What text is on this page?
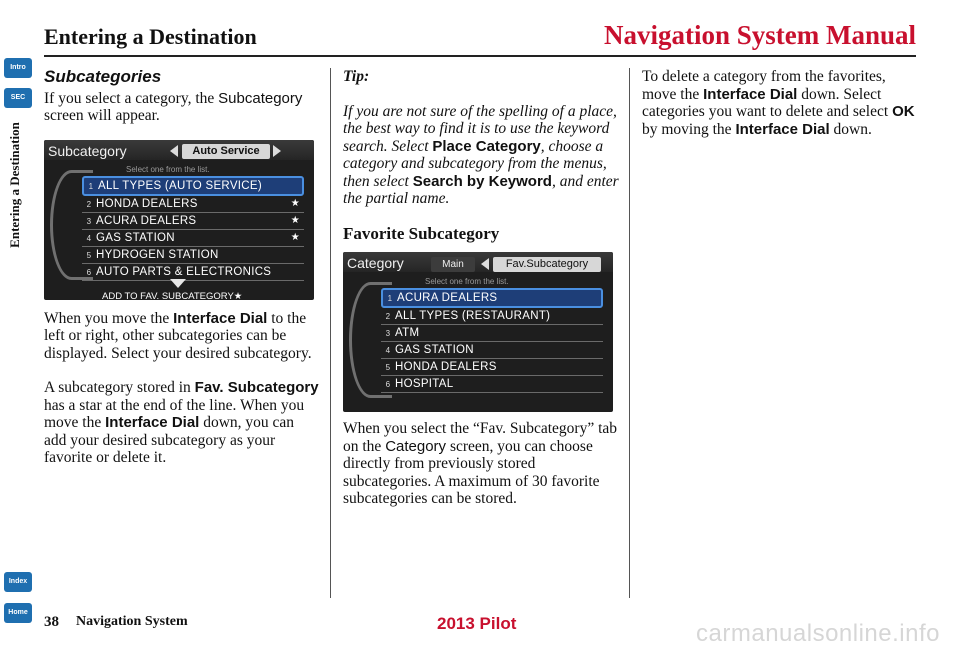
Entering a Destination	Navigation System Manual
Intro
SEC
Entering a Destination
Index
Home
Subcategories

If you select a category, the Subcategory screen will appear.

Subcategory	Auto Service
Select one from the list.
1 ALL TYPES (AUTO SERVICE)
2 HONDA DEALERS	★
3 ACURA DEALERS	★
4 GAS STATION	★
5 HYDROGEN STATION
6 AUTO PARTS & ELECTRONICS
ADD TO FAV. SUBCATEGORY★

When you move the Interface Dial to the left or right, other subcategories can be displayed. Select your desired subcategory.

A subcategory stored in Fav. Subcategory has a star at the end of the line. When you move the Interface Dial down, you can add your desired subcategory as your favorite or delete it.

Tip:

If you are not sure of the spelling of a place, the best way to find it is to use the keyword search. Select Place Category, choose a category and subcategory from the menus, then select Search by Keyword, and enter the partial name.

Favorite Subcategory
Category	Main	Fav.Subcategory
Select one from the list.
1 ACURA DEALERS
2 ALL TYPES (RESTAURANT)
3 ATM
4 GAS STATION
5 HONDA DEALERS
6 HOSPITAL

When you select the “Fav. Subcategory” tab on the Category screen, you can choose directly from previously stored subcategories. A maximum of 30 favorite subcategories can be stored.

To delete a category from the favorites, move the Interface Dial down. Select categories you want to delete and select OK by moving the Interface Dial down.

38 Navigation System	2013 Pilot	carmanualsonline.info
